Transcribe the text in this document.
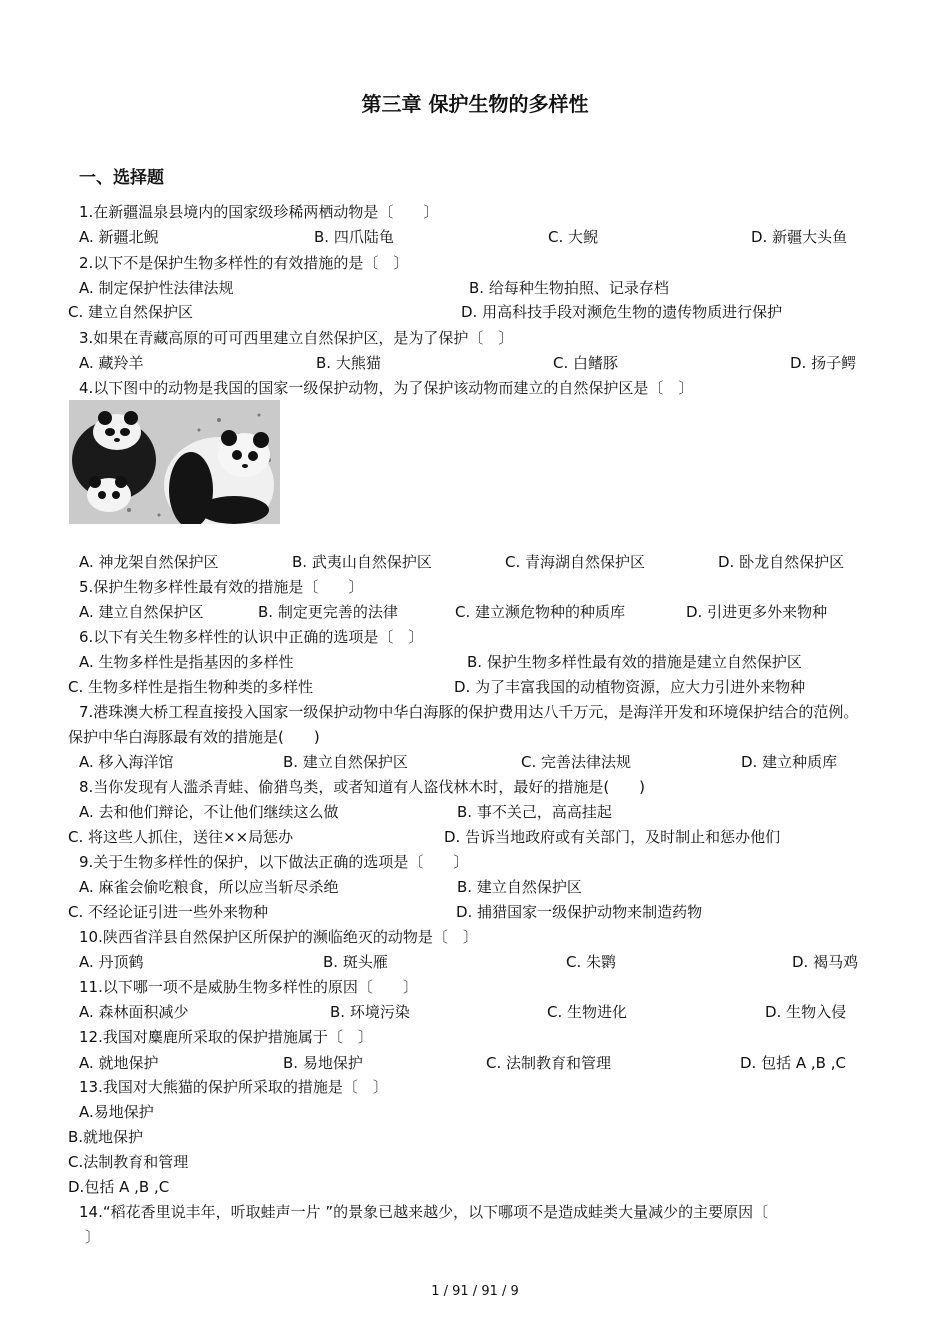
第三章 保护生物的多样性
一、选择题
1.在新疆温泉县境内的国家级珍稀两栖动物是〔　　〕
A. 新疆北鲵	B. 四爪陆龟	C. 大鲵	D. 新疆大头鱼
2.以下不是保护生物多样性的有效措施的是〔　〕
A. 制定保护性法律法规	B. 给每种生物拍照、记录存档
C. 建立自然保护区	D. 用高科技手段对濒危生物的遗传物质进行保护
3.如果在青藏高原的可可西里建立自然保护区，是为了保护〔　〕
A. 藏羚羊	B. 大熊猫	C. 白鳍豚	D. 扬子鳄
4.以下图中的动物是我国的国家一级保护动物，为了保护该动物而建立的自然保护区是〔　〕
A. 神龙架自然保护区	B. 武夷山自然保护区	C. 青海湖自然保护区	D. 卧龙自然保护区
5.保护生物多样性最有效的措施是〔　　〕
A. 建立自然保护区	B. 制定更完善的法律	C. 建立濒危物种的种质库	D. 引进更多外来物种
6.以下有关生物多样性的认识中正确的选项是〔　〕
A. 生物多样性是指基因的多样性	B. 保护生物多样性最有效的措施是建立自然保护区
C. 生物多样性是指生物种类的多样性	D. 为了丰富我国的动植物资源，应大力引进外来物种
7.港珠澳大桥工程直接投入国家一级保护动物中华白海豚的保护费用达八千万元，是海洋开发和环境保护结合的范例。保护中华白海豚最有效的措施是(　　)
A. 移入海洋馆	B. 建立自然保护区	C. 完善法律法规	D. 建立种质库
8.当你发现有人滥杀青蛙、偷猎鸟类，或者知道有人盗伐林木时，最好的措施是(　　)
A. 去和他们辩论，不让他们继续这么做	B. 事不关己，高高挂起
C. 将这些人抓住，送往××局惩办	D. 告诉当地政府或有关部门，及时制止和惩办他们
9.关于生物多样性的保护，以下做法正确的选项是〔　　〕
A. 麻雀会偷吃粮食，所以应当斩尽杀绝	B. 建立自然保护区
C. 不经论证引进一些外来物种	D. 捕猎国家一级保护动物来制造药物
10.陕西省洋县自然保护区所保护的濒临绝灭的动物是〔　〕
A. 丹顶鹤	B. 斑头雁	C. 朱鹮	D. 褐马鸡
11.以下哪一项不是威胁生物多样性的原因〔　　〕
A. 森林面积减少	B. 环境污染	C. 生物进化	D. 生物入侵
12.我国对麋鹿所采取的保护措施属于〔　〕
A. 就地保护	B. 易地保护	C. 法制教育和管理	D. 包括 A ,B ,C
13.我国对大熊猫的保护所采取的措施是〔　〕
A.易地保护
B.就地保护
C.法制教育和管理
D.包括 A ,B ,C
14.“稻花香里说丰年，听取蛙声一片 ”的景象已越来越少，以下哪项不是造成蛙类大量减少的主要原因〔
〕
1 / 91 / 91 / 9
